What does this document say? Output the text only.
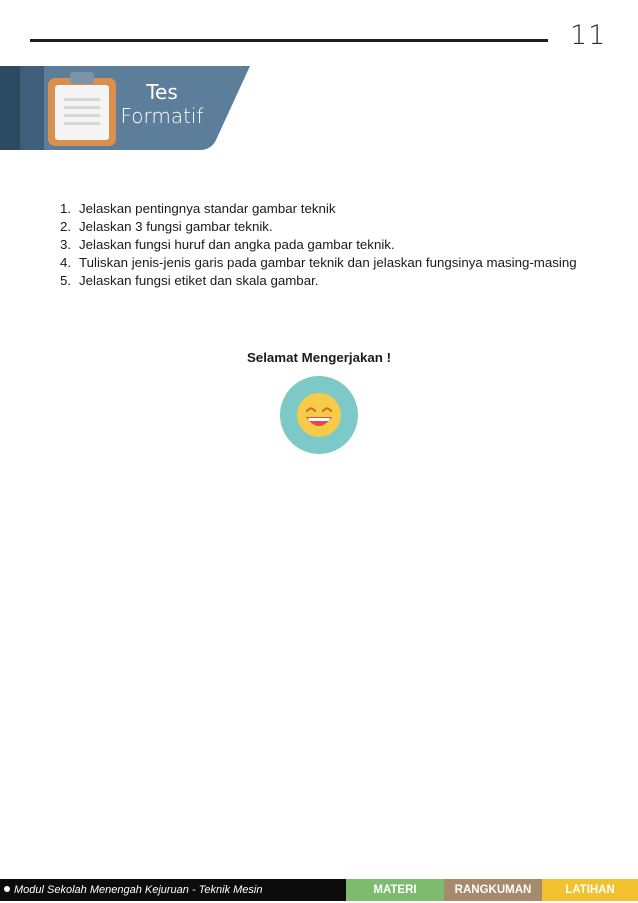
11
Tes
Formatif
1. Jelaskan pentingnya standar gambar teknik
2. Jelaskan 3 fungsi gambar teknik.
3. Jelaskan fungsi huruf dan angka pada gambar teknik.
4. Tuliskan jenis-jenis garis pada gambar teknik dan jelaskan fungsinya masing-masing
5. Jelaskan fungsi etiket dan skala gambar.
Selamat Mengerjakan !
Modul Sekolah Menengah Kejuruan - Teknik Mesin	MATERI	RANGKUMAN	LATIHAN
